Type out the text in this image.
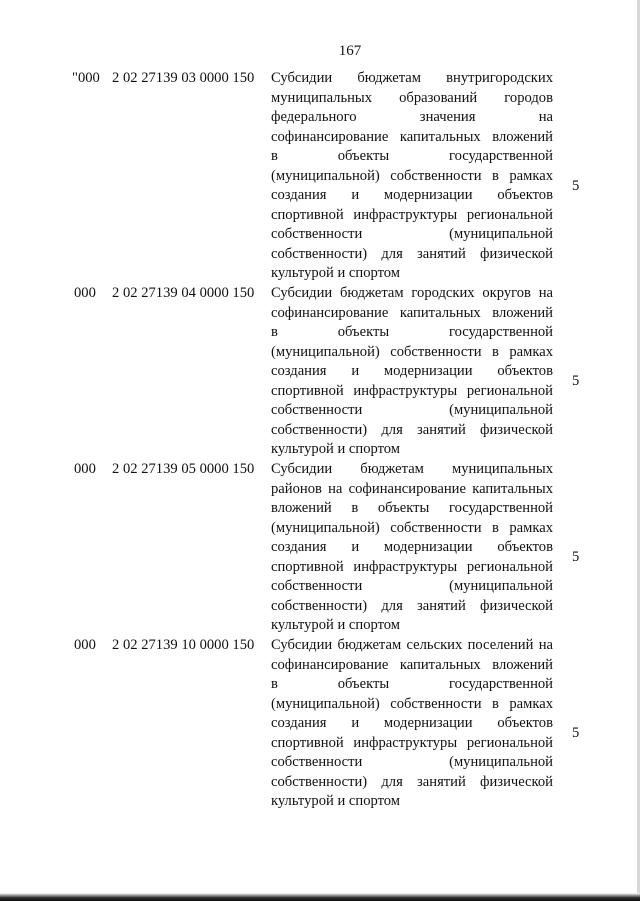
167
"000 2 02 27139 03 0000 150 Субсидии бюджетам внутригородских
муниципальных образований городов
федерального значения на
софинансирование капитальных вложений
в объекты государственной
(муниципальной) собственности в рамках
создания и модернизации объектов
спортивной инфраструктуры региональной
собственности (муниципальной
собственности) для занятий физической
культурой и спортом
5
000 2 02 27139 04 0000 150 Субсидии бюджетам городских округов на
софинансирование капитальных вложений
в объекты государственной
(муниципальной) собственности в рамках
создания и модернизации объектов
спортивной инфраструктуры региональной
собственности (муниципальной
собственности) для занятий физической
культурой и спортом
5
000 2 02 27139 05 0000 150 Субсидии бюджетам муниципальных
районов на софинансирование капитальных
вложений в объекты государственной
(муниципальной) собственности в рамках
создания и модернизации объектов
спортивной инфраструктуры региональной
собственности (муниципальной
собственности) для занятий физической
культурой и спортом
5
000 2 02 27139 10 0000 150 Субсидии бюджетам сельских поселений на
софинансирование капитальных вложений
в объекты государственной
(муниципальной) собственности в рамках
создания и модернизации объектов
спортивной инфраструктуры региональной
собственности (муниципальной
собственности) для занятий физической
культурой и спортом
5
